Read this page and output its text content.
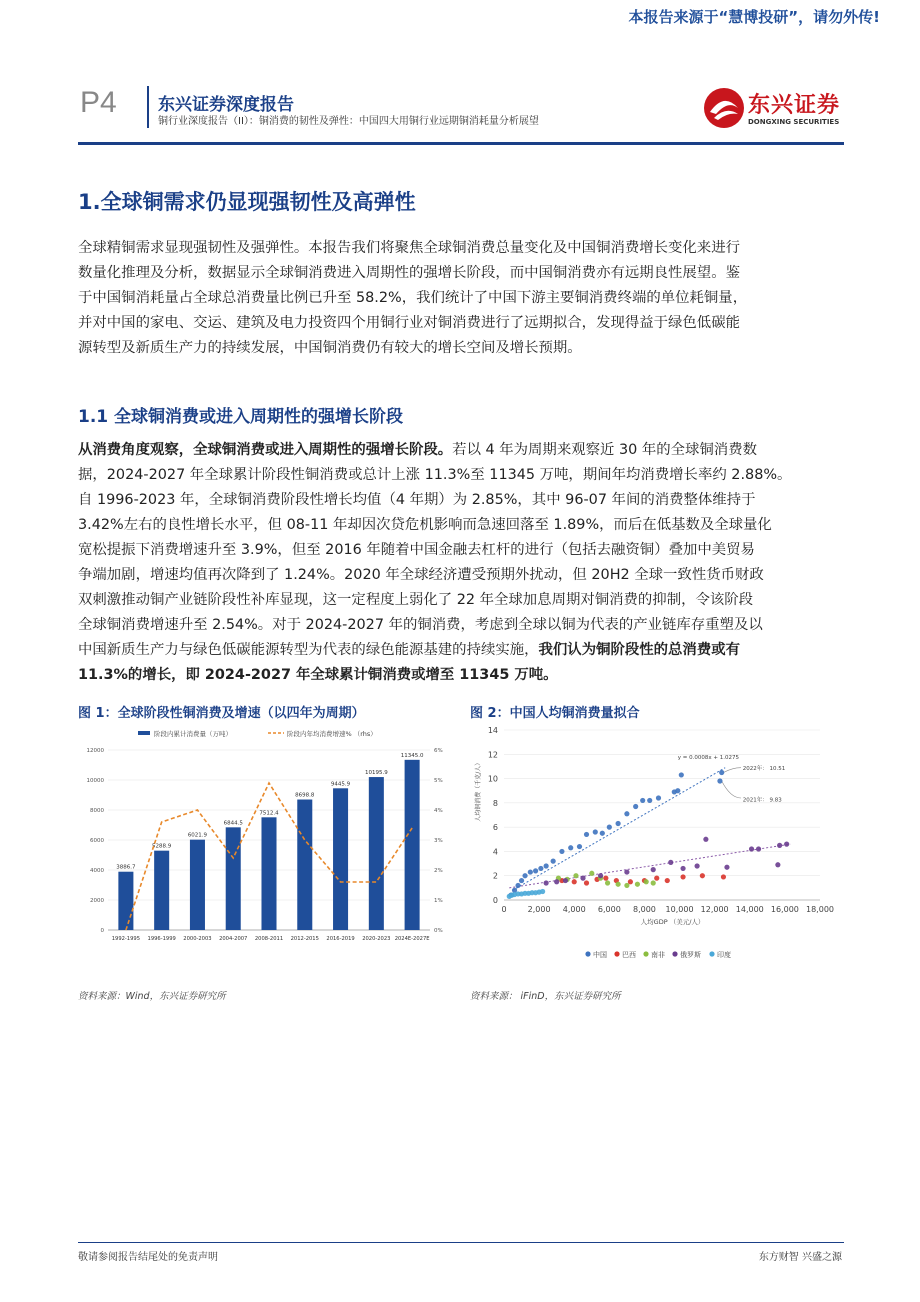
本报告来源于“慧博投研”，请勿外传!
P4 东兴证券深度报告
铜行业深度报告（II）：铜消费的韧性及弹性：中国四大用铜行业远期铜消耗量分析展望
东兴证券
DONGXING SECURITIES
1.全球铜需求仍显现强韧性及高弹性
全球精铜需求显现强韧性及强弹性。本报告我们将聚焦全球铜消费总量变化及中国铜消费增长变化来进行
数量化推理及分析，数据显示全球铜消费进入周期性的强增长阶段，而中国铜消费亦有远期良性展望。鉴
于中国铜消耗量占全球总消费量比例已升至 58.2%，我们统计了中国下游主要铜消费终端的单位耗铜量，
并对中国的家电、交运、建筑及电力投资四个用铜行业对铜消费进行了远期拟合，发现得益于绿色低碳能
源转型及新质生产力的持续发展，中国铜消费仍有较大的增长空间及增长预期。
1.1 全球铜消费或进入周期性的强增长阶段
从消费角度观察，全球铜消费或进入周期性的强增长阶段。若以 4 年为周期来观察近 30 年的全球铜消费数
据，2024-2027 年全球累计阶段性铜消费或总计上涨 11.3%至 11345 万吨，期间年均消费增长率约 2.88%。
自 1996-2023 年，全球铜消费阶段性增长均值（4 年期）为 2.85%，其中 96-07 年间的消费整体维持于
3.42%左右的良性增长水平，但 08-11 年却因次贷危机影响而急速回落至 1.89%，而后在低基数及全球量化
宽松提振下消费增速升至 3.9%，但至 2016 年随着中国金融去杠杆的进行（包括去融资铜）叠加中美贸易
争端加剧，增速均值再次降到了 1.24%。2020 年全球经济遭受预期外扰动，但 20H2 全球一致性货币财政
双刺激推动铜产业链阶段性补库显现，这一定程度上弱化了 22 年全球加息周期对铜消费的抑制，令该阶段
全球铜消费增速升至 2.54%。对于 2024-2027 年的铜消费，考虑到全球以铜为代表的产业链库存重塑及以
中国新质生产力与绿色低碳能源转型为代表的绿色能源基建的持续实施，我们认为铜阶段性的总消费或有
11.3%的增长，即 2024-2027 年全球累计铜消费或增至 11345 万吨。
图 1：全球阶段性铜消费及增速（以四年为周期）	图 2：中国人均铜消费量拟合
阶段内累计消费量（万吨）	阶段内年均消费增速% （rhs）
0
2000
4000
6000
8000
10000
12000
0%
1%
2%
3%
4%
5%
6%
3886.7
1992-1995
5288.9
1996-1999
6021.9
2000-2003
6844.5
2004-2007
7512.4
2008-2011
8698.8
2012-2015
9445.9
2016-2019
10195.9
2020-2023
11345.0
2024E-2027E
0
2
4
6
8
10
12
14
0	2,000 4,000 6,000 8,000 10,000 12,000 14,000 16,000 18,000
人均GDP （美元/人）
人均铜消费（千克/人）
y = 0.0008x + 1.0275
2022年： 10.51
2021年： 9.83
中国 巴西 南非 俄罗斯 印度
资料来源：Wind，东兴证券研究所	资料来源： iFinD，东兴证券研究所
敬请参阅报告结尾处的免责声明	东方财智 兴盛之源
